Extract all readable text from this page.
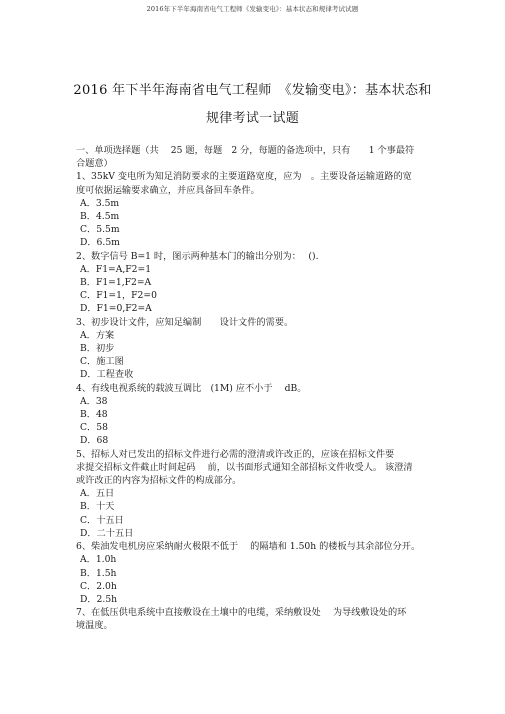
2016年下半年海南省电气工程师《发输变电》：基本状态和规律考试试题
2016 年下半年海南省电气工程师　《发输变电》：基本状态和
规律考试一试题
一、单项选择题（共　 25 题，每题　2 分，每题的备选项中，只有　　1 个事最符
合题意）
1、35kV 变电所为知足消防要求的主要道路宽度，应为　。主要设备运输道路的宽
度可依据运输要求确立，并应具备回车条件。
A．3.5m
B．4.5m
C．5.5m
D．6.5m
2、数字信号 B=1 时，图示两种基本门的输出分别为：　 ().
A．F1=A,F2=1
B．F1=1,F2=A
C．F1=1，F2=0
D．F1=0,F2=A
3、初步设计文件，应知足编制　　设计文件的需要。
A．方案
B．初步
C．施工图
D．工程查收
4、有线电视系统的载波互调比　(1M) 应不小于　 dB。
A．38
B．48
C．58
D．68
5、招标人对已发出的招标文件进行必需的澄清或许改正的，应该在招标文件要
求提交招标文件截止时间起码　 前，以书面形式通知全部招标文件收受人。 该澄清
或许改正的内容为招标文件的构成部分。
A．五日
B．十天
C．十五日
D．二十五日
6、柴油发电机房应采纳耐火极限不低于　 的隔墙和 1.50h 的楼板与其余部位分开。
A．1.0h
B．1.5h
C．2.0h
D．2.5h
7、在低压供电系统中直接敷设在土壤中的电缆，采纳敷设处　 为导线敷设处的环
境温度。
